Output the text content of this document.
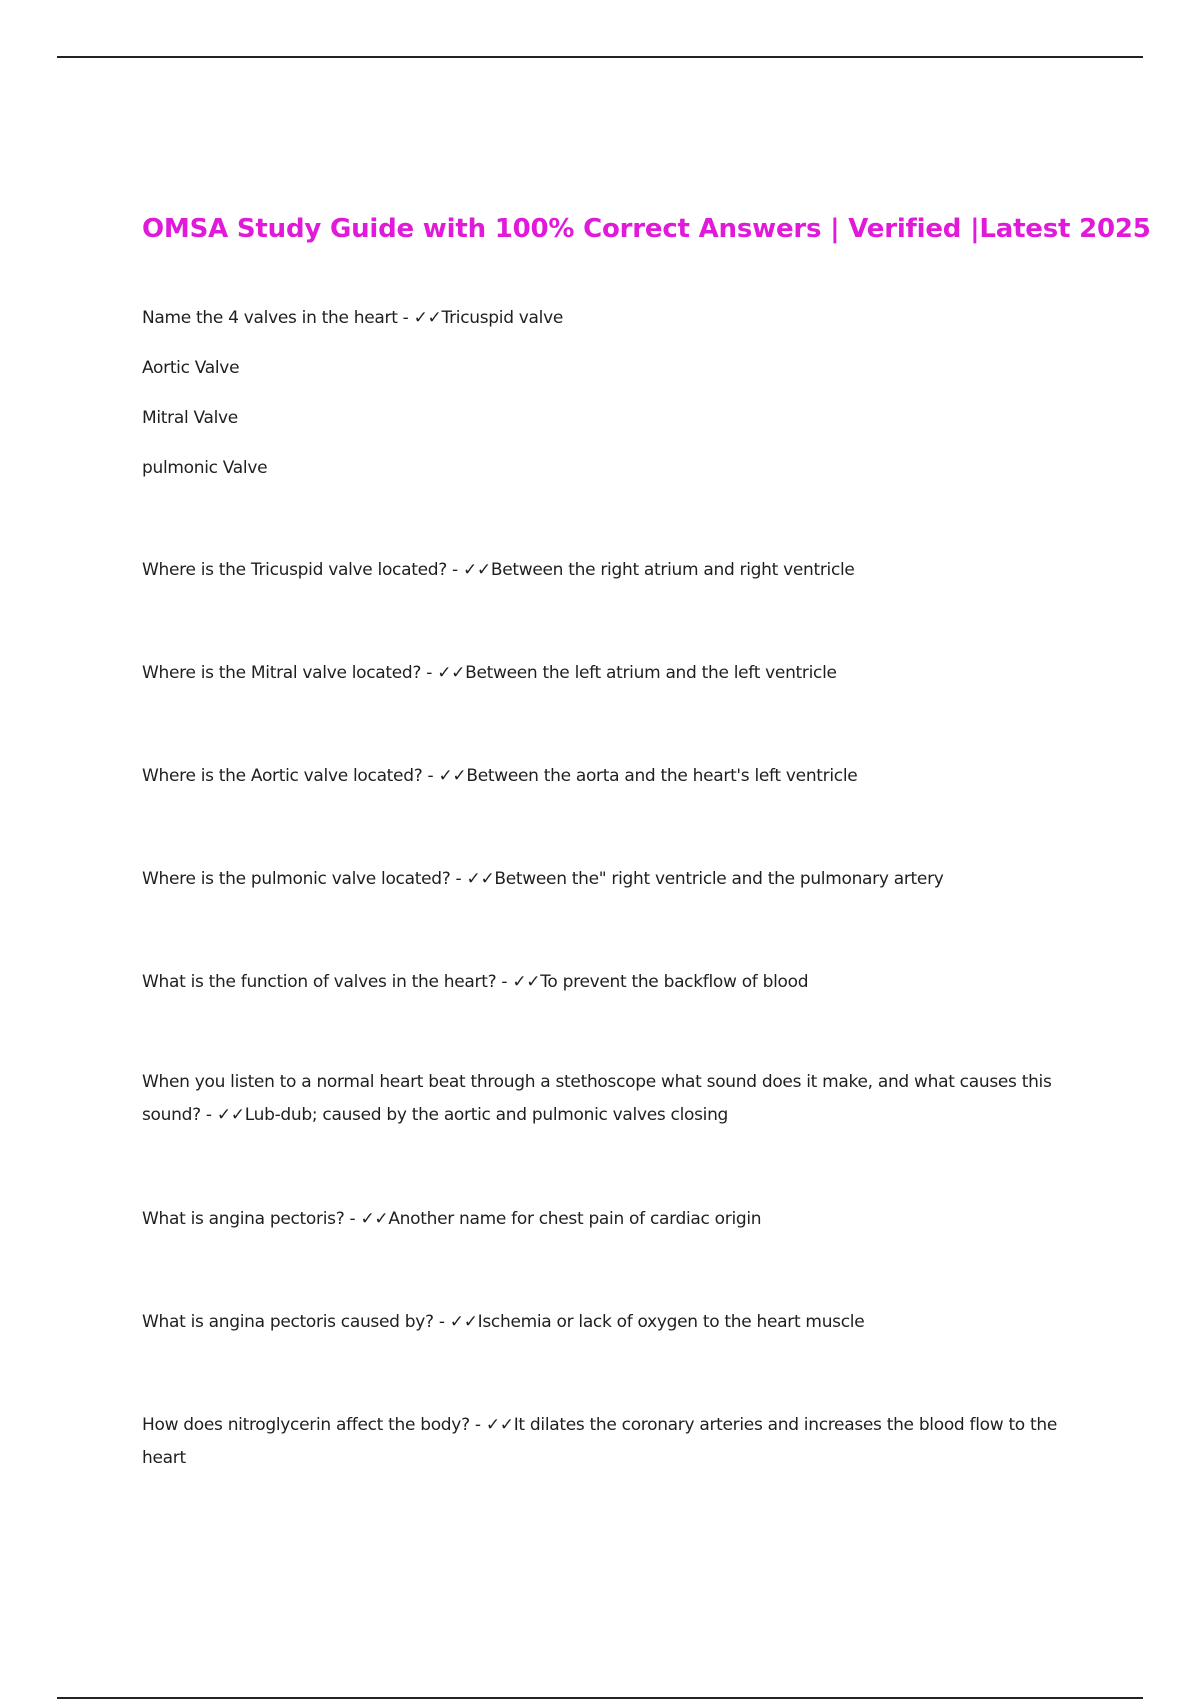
OMSA Study Guide with 100% Correct Answers | Verified |Latest 2025

Name the 4 valves in the heart - ✓✓Tricuspid valve

Aortic Valve

Mitral Valve

pulmonic Valve

Where is the Tricuspid valve located? - ✓✓Between the right atrium and right ventricle

Where is the Mitral valve located? - ✓✓Between the left atrium and the left ventricle

Where is the Aortic valve located? - ✓✓Between the aorta and the heart's left ventricle

Where is the pulmonic valve located? - ✓✓Between the" right ventricle and the pulmonary artery

What is the function of valves in the heart? - ✓✓To prevent the backflow of blood

When you listen to a normal heart beat through a stethoscope what sound does it make, and what causes this sound? - ✓✓Lub-dub; caused by the aortic and pulmonic valves closing

What is angina pectoris? - ✓✓Another name for chest pain of cardiac origin

What is angina pectoris caused by? - ✓✓Ischemia or lack of oxygen to the heart muscle

How does nitroglycerin affect the body? - ✓✓It dilates the coronary arteries and increases the blood flow to the heart
